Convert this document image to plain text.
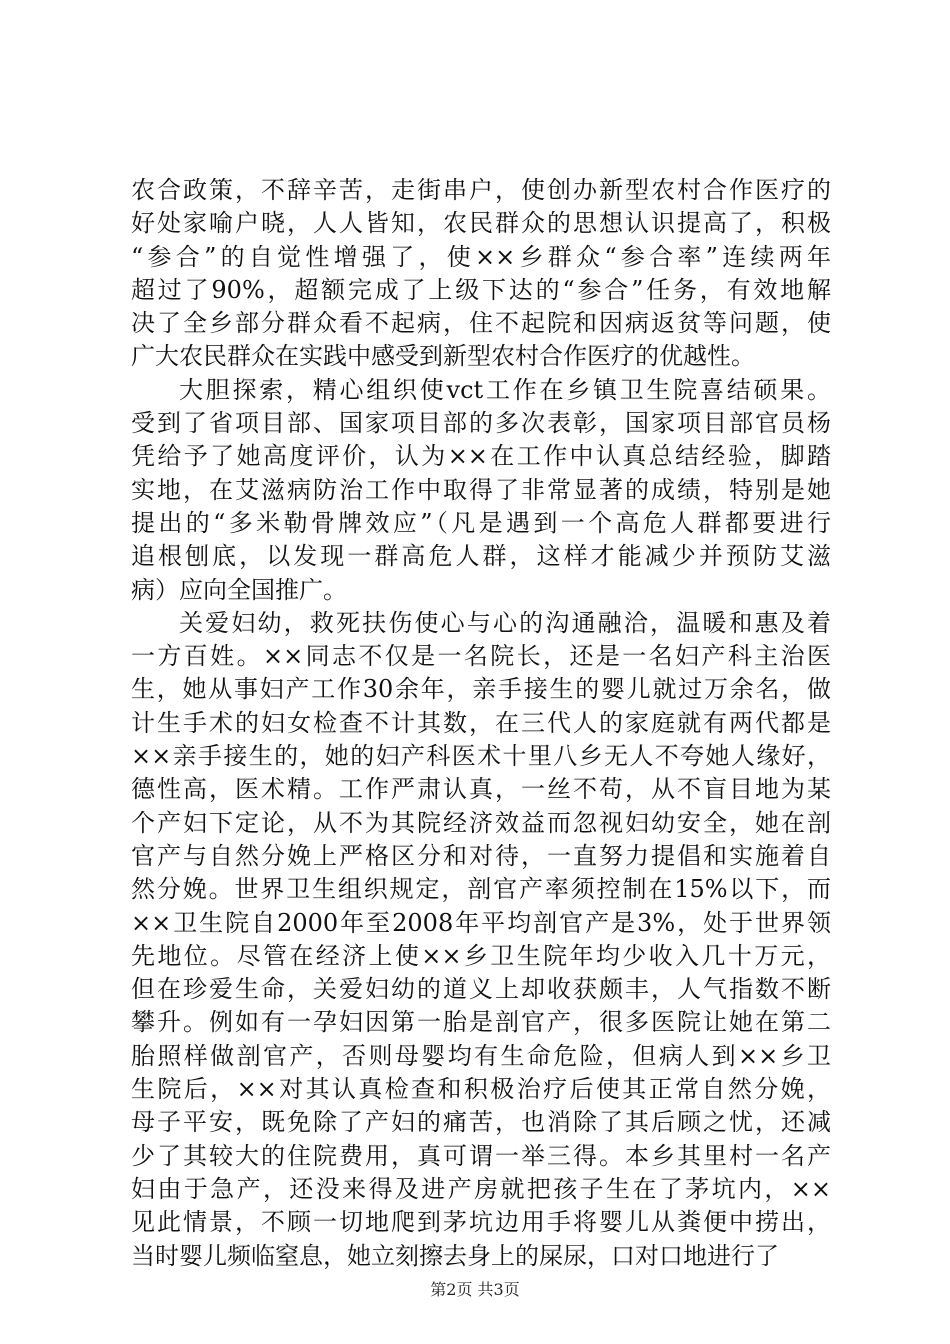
农合政策，不辞辛苦，走街串户，使创办新型农村合作医疗的
好处家喻户晓，人人皆知，农民群众的思想认识提高了，积极
“参合”的自觉性增强了，使××乡群众“参合率”连续两年
超过了90%，超额完成了上级下达的“参合”任务，有效地解
决了全乡部分群众看不起病，住不起院和因病返贫等问题，使
广大农民群众在实践中感受到新型农村合作医疗的优越性。
大胆探索，精心组织使vct工作在乡镇卫生院喜结硕果。
受到了省项目部、国家项目部的多次表彰，国家项目部官员杨
凭给予了她高度评价，认为××在工作中认真总结经验，脚踏
实地，在艾滋病防治工作中取得了非常显著的成绩，特别是她
提出的“多米勒骨牌效应”（凡是遇到一个高危人群都要进行
追根刨底，以发现一群高危人群，这样才能减少并预防艾滋
病）应向全国推广。
关爱妇幼，救死扶伤使心与心的沟通融洽，温暖和惠及着
一方百姓。××同志不仅是一名院长，还是一名妇产科主治医
生，她从事妇产工作30余年，亲手接生的婴儿就过万余名，做
计生手术的妇女检查不计其数，在三代人的家庭就有两代都是
××亲手接生的，她的妇产科医术十里八乡无人不夸她人缘好，
德性高，医术精。工作严肃认真，一丝不苟，从不盲目地为某
个产妇下定论，从不为其院经济效益而忽视妇幼安全，她在剖
官产与自然分娩上严格区分和对待，一直努力提倡和实施着自
然分娩。世界卫生组织规定，剖官产率须控制在15%以下，而
××卫生院自2000年至2008年平均剖官产是3%，处于世界领
先地位。尽管在经济上使××乡卫生院年均少收入几十万元，
但在珍爱生命，关爱妇幼的道义上却收获颇丰，人气指数不断
攀升。例如有一孕妇因第一胎是剖官产，很多医院让她在第二
胎照样做剖官产，否则母婴均有生命危险，但病人到××乡卫
生院后，××对其认真检查和积极治疗后使其正常自然分娩，
母子平安，既免除了产妇的痛苦，也消除了其后顾之忧，还减
少了其较大的住院费用，真可谓一举三得。本乡其里村一名产
妇由于急产，还没来得及进产房就把孩子生在了茅坑内，××
见此情景，不顾一切地爬到茅坑边用手将婴儿从粪便中捞出，
当时婴儿频临窒息，她立刻擦去身上的屎尿，口对口地进行了
第2页 共3页
